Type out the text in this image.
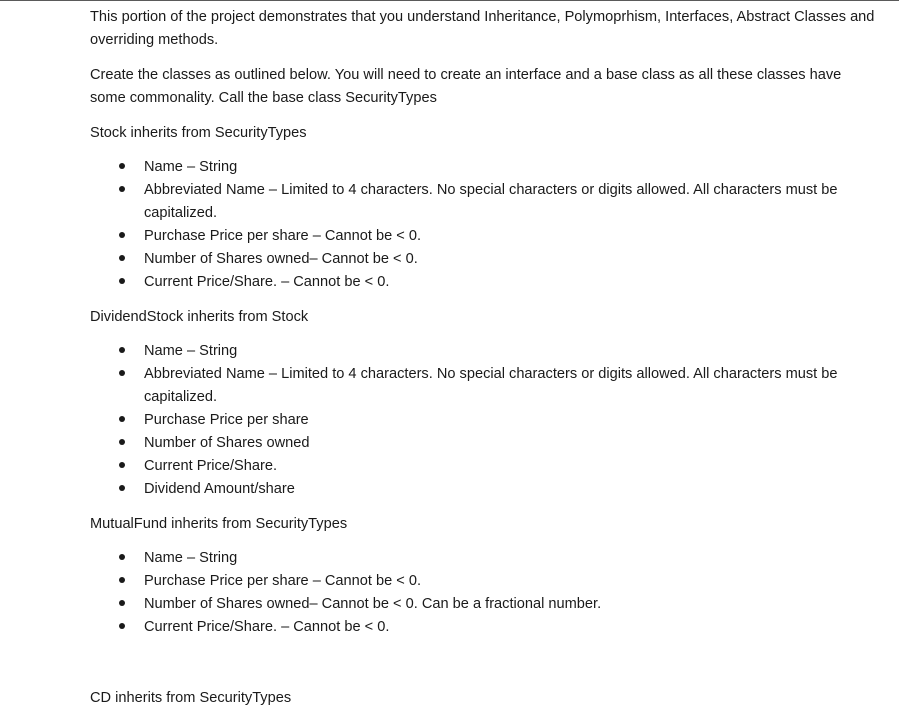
This portion of the project demonstrates that you understand Inheritance, Polymoprhism, Interfaces, Abstract Classes and overriding methods.

Create the classes as outlined below. You will need to create an interface and a base class as all these classes have some commonality. Call the base class SecurityTypes

Stock inherits from SecurityTypes

Name – String
Abbreviated Name – Limited to 4 characters. No special characters or digits allowed. All characters must be capitalized.
Purchase Price per share – Cannot be < 0.
Number of Shares owned– Cannot be < 0.
Current Price/Share. – Cannot be < 0.

DividendStock inherits from Stock

Name – String
Abbreviated Name – Limited to 4 characters. No special characters or digits allowed. All characters must be capitalized.
Purchase Price per share
Number of Shares owned
Current Price/Share.
Dividend Amount/share

MutualFund inherits from SecurityTypes

Name – String
Purchase Price per share – Cannot be < 0.
Number of Shares owned– Cannot be < 0. Can be a fractional number.
Current Price/Share. – Cannot be < 0.

CD inherits from SecurityTypes
